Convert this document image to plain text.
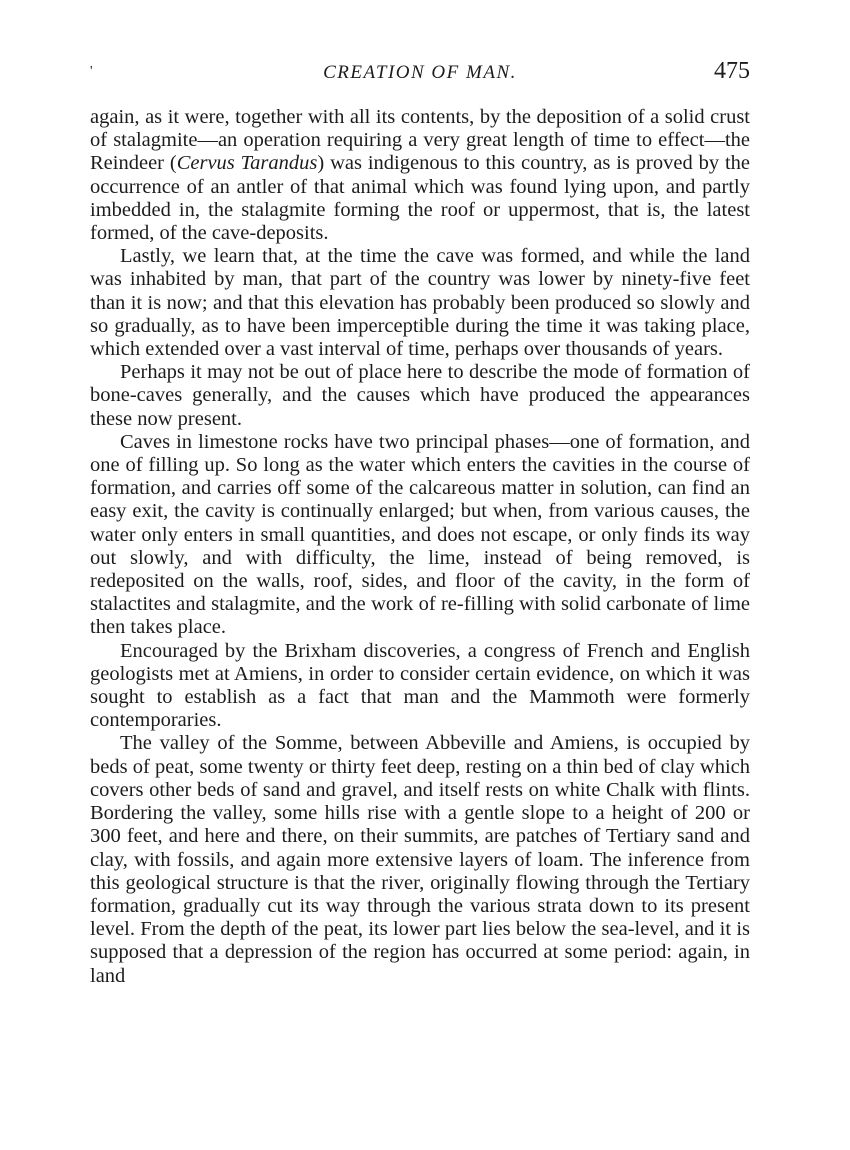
'	CREATION OF MAN.	475

again, as it were, together with all its contents, by the deposition of a solid crust of stalagmite—an operation requiring a very great length of time to effect—the Reindeer (Cervus Tarandus) was indigenous to this country, as is proved by the occurrence of an antler of that animal which was found lying upon, and partly imbedded in, the stalagmite forming the roof or uppermost, that is, the latest formed, of the cave-deposits.

Lastly, we learn that, at the time the cave was formed, and while the land was inhabited by man, that part of the country was lower by ninety-five feet than it is now; and that this elevation has probably been produced so slowly and so gradually, as to have been imperceptible during the time it was taking place, which extended over a vast interval of time, perhaps over thousands of years.

Perhaps it may not be out of place here to describe the mode of formation of bone-caves generally, and the causes which have produced the appearances these now present.

Caves in limestone rocks have two principal phases—one of formation, and one of filling up. So long as the water which enters the cavities in the course of formation, and carries off some of the calcareous matter in solution, can find an easy exit, the cavity is continually enlarged; but when, from various causes, the water only enters in small quantities, and does not escape, or only finds its way out slowly, and with difficulty, the lime, instead of being removed, is redeposited on the walls, roof, sides, and floor of the cavity, in the form of stalactites and stalagmite, and the work of re-filling with solid carbonate of lime then takes place.

Encouraged by the Brixham discoveries, a congress of French and English geologists met at Amiens, in order to consider certain evidence, on which it was sought to establish as a fact that man and the Mammoth were formerly contemporaries.

The valley of the Somme, between Abbeville and Amiens, is occupied by beds of peat, some twenty or thirty feet deep, resting on a thin bed of clay which covers other beds of sand and gravel, and itself rests on white Chalk with flints. Bordering the valley, some hills rise with a gentle slope to a height of 200 or 300 feet, and here and there, on their summits, are patches of Tertiary sand and clay, with fossils, and again more extensive layers of loam. The inference from this geological structure is that the river, originally flowing through the Tertiary formation, gradually cut its way through the various strata down to its present level. From the depth of the peat, its lower part lies below the sea-level, and it is supposed that a depression of the region has occurred at some period: again, in land
